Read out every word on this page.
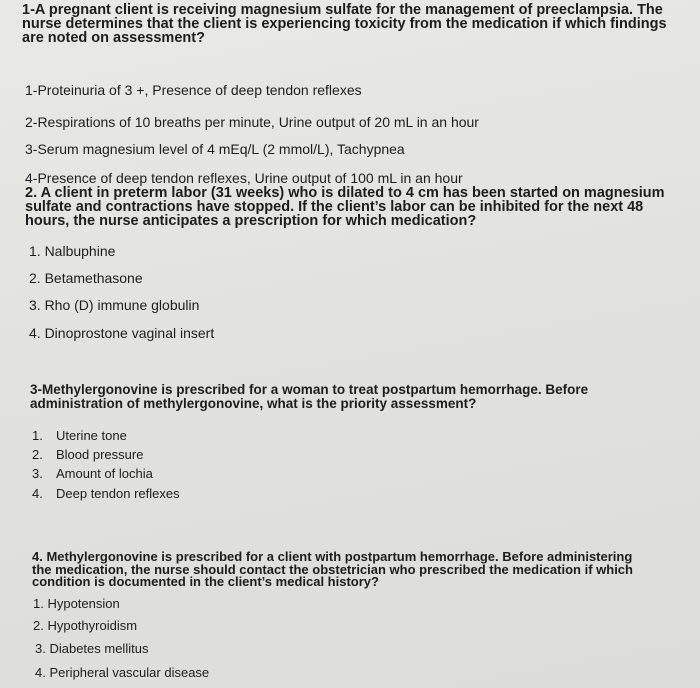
1-A pregnant client is receiving magnesium sulfate for the management of preeclampsia. The nurse determines that the client is experiencing toxicity from the medication if which findings are noted on assessment?

1-Proteinuria of 3 +, Presence of deep tendon reflexes
2-Respirations of 10 breaths per minute, Urine output of 20 mL in an hour
3-Serum magnesium level of 4 mEq/L (2 mmol/L), Tachypnea
4-Presence of deep tendon reflexes, Urine output of 100 mL in an hour

2. A client in preterm labor (31 weeks) who is dilated to 4 cm has been started on magnesium sulfate and contractions have stopped. If the client’s labor can be inhibited for the next 48 hours, the nurse anticipates a prescription for which medication?

1. Nalbuphine
2. Betamethasone
3. Rho (D) immune globulin
4. Dinoprostone vaginal insert

3-Methylergonovine is prescribed for a woman to treat postpartum hemorrhage. Before administration of methylergonovine, what is the priority assessment?

1. Uterine tone
2. Blood pressure
3. Amount of lochia
4. Deep tendon reflexes

4. Methylergonovine is prescribed for a client with postpartum hemorrhage. Before administering the medication, the nurse should contact the obstetrician who prescribed the medication if which condition is documented in the client’s medical history?

1. Hypotension
2. Hypothyroidism
3. Diabetes mellitus
4. Peripheral vascular disease
